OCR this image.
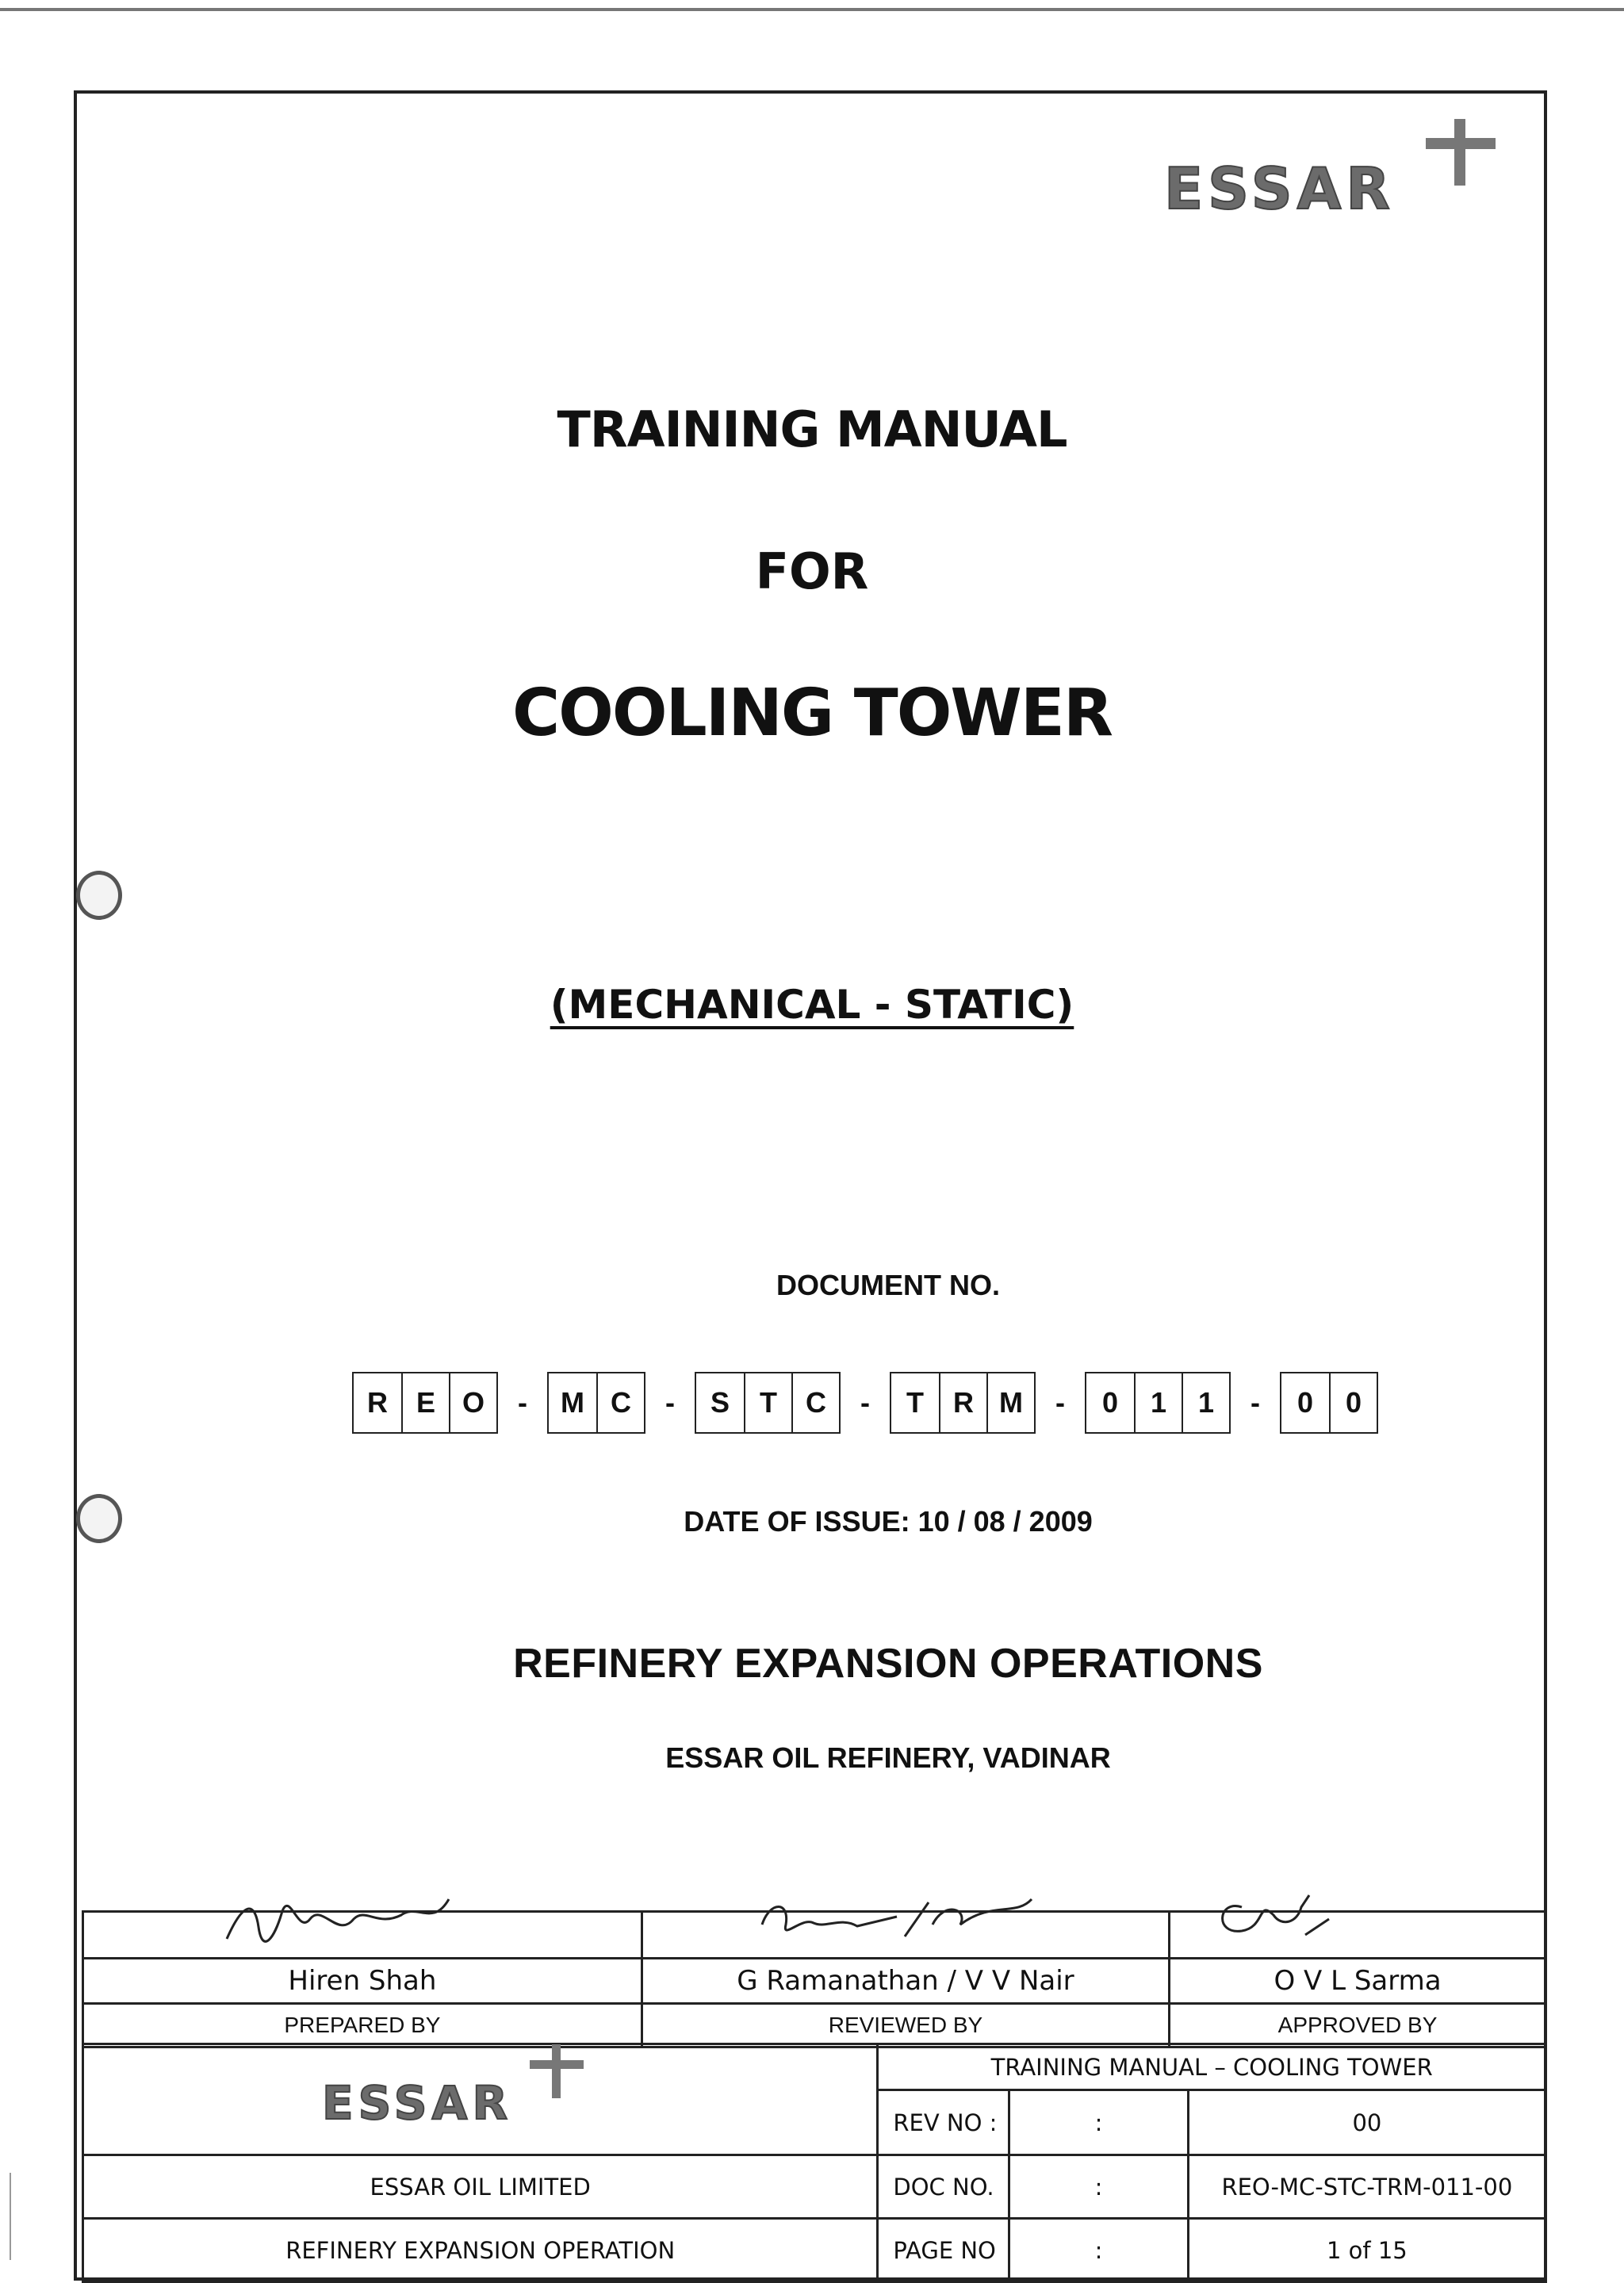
ESSAR
TRAINING MANUAL
FOR
COOLING TOWER
(MECHANICAL - STATIC)
DOCUMENT NO.
R E O	-	M C	-	S	T	C	-	T	R M	-	0	1	1	-	0	0
DATE OF ISSUE: 10 / 08 / 2009
REFINERY EXPANSION OPERATIONS
ESSAR OIL REFINERY, VADINAR

Hiren Shah	G Ramanathan / V V Nair	O V L Sarma
PREPARED BY	REVIEWED BY	APPROVED BY
ESSAR	TRAINING MANUAL – COOLING TOWER		
	REV NO :	:	00
ESSAR OIL LIMITED	DOC NO.	:	REO-MC-STC-TRM-011-00
REFINERY EXPANSION OPERATION	PAGE NO	:	1 of 15
